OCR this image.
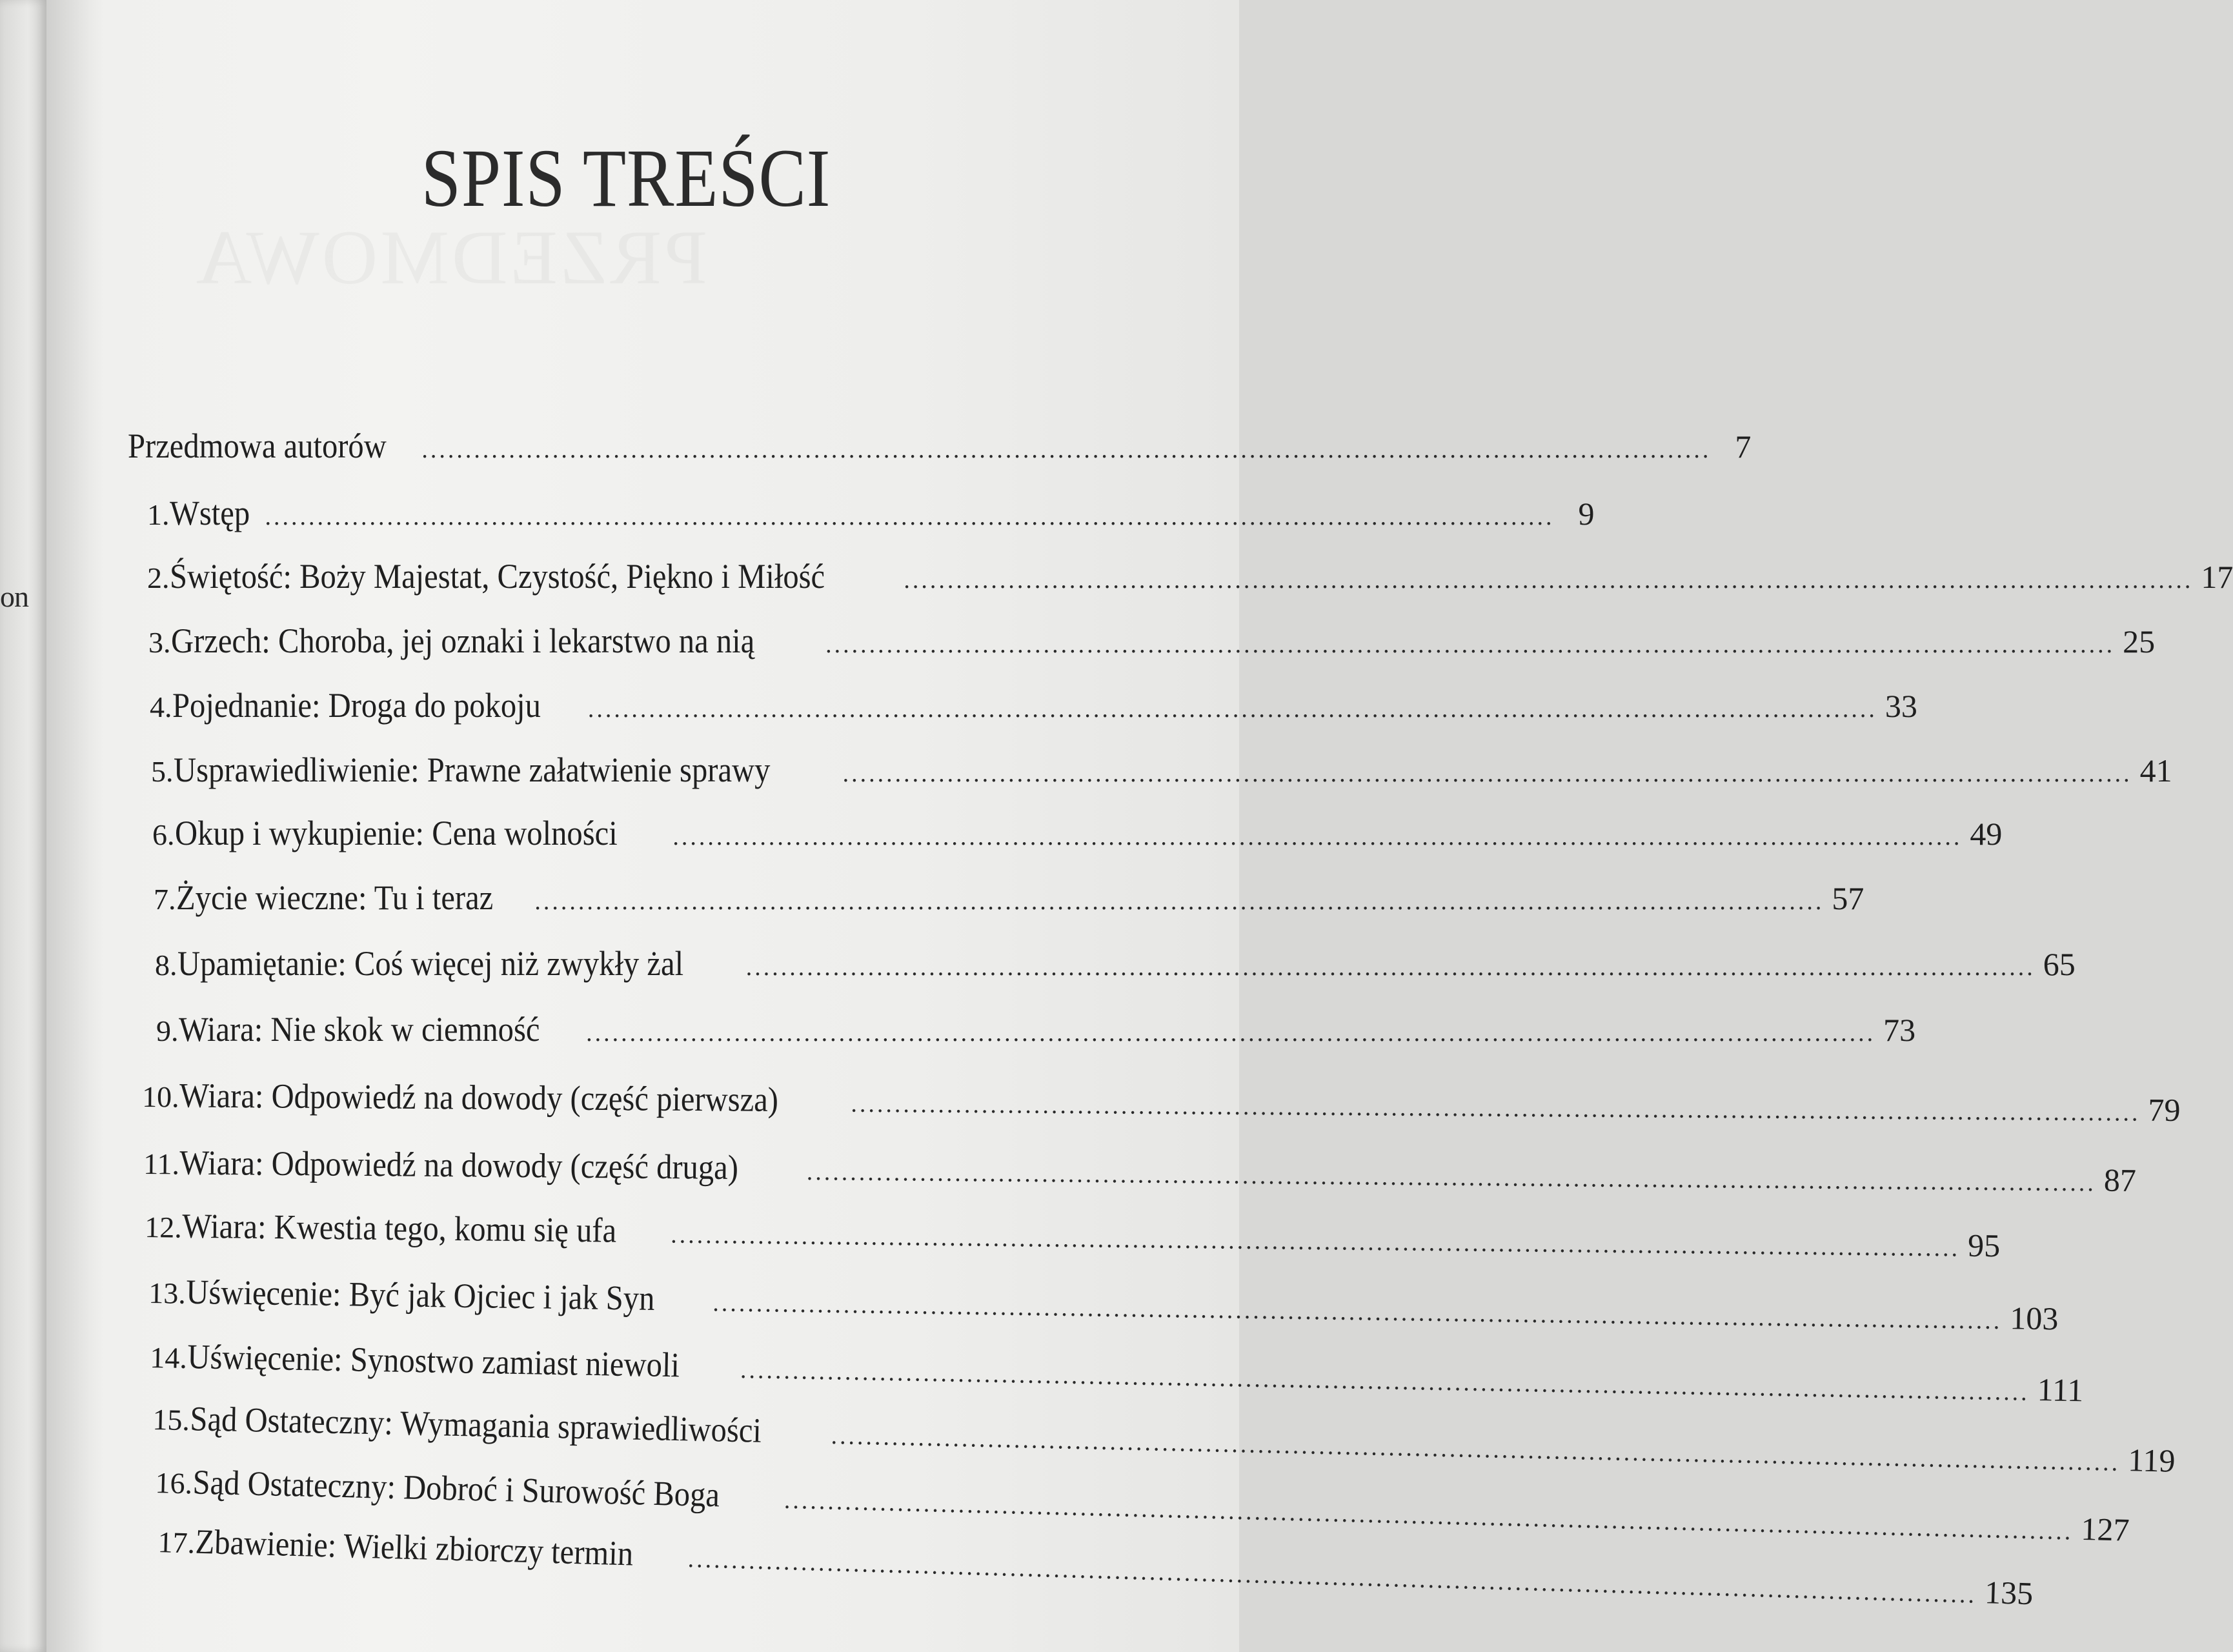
on
SPIS TREŚCI
Przedmowa autorów .................................................................................................................................................... 7
1. Wstęp .................................................................................................................................................... 9
2. Świętość: Boży Majestat, Czystość, Piękno i Miłość	.................................................................................................................................................... 17
3. Grzech: Choroba, jej oznaki i lekarstwo na nią	.................................................................................................................................................... 25
4. Pojednanie: Droga do pokoju .................................................................................................................................................... 33
5. Usprawiedliwienie: Prawne załatwienie sprawy	.................................................................................................................................................... 41
6. Okup i wykupienie: Cena wolności .................................................................................................................................................... 49
7. Życie wieczne: Tu i teraz .................................................................................................................................................... 57
8. Upamiętanie: Coś więcej niż zwykły żal	.................................................................................................................................................... 65
9. Wiara: Nie skok w ciemność .................................................................................................................................................... 73
10. Wiara: Odpowiedź na dowody (część pierwsza)	.................................................................................................................................................... 79
11. Wiara: Odpowiedź na dowody (część druga)	.................................................................................................................................................... 87
12. Wiara: Kwestia tego, komu się ufa .................................................................................................................................................... 95
13. Uświęcenie: Być jak Ojciec i jak Syn .................................................................................................................................................... 103
14. Uświęcenie: Synostwo zamiast niewoli .................................................................................................................................................... 111
15.
Sąd Ostateczny: Wymagania sprawiedliwości	.................................................................................................................................................... 119
16.
Sąd Ostateczny: Dobroć i Surowość Boga	.................................................................................................................................................... 127
17.
Zbawienie: Wielki zbiorczy termin .................................................................................................................................................... 135
